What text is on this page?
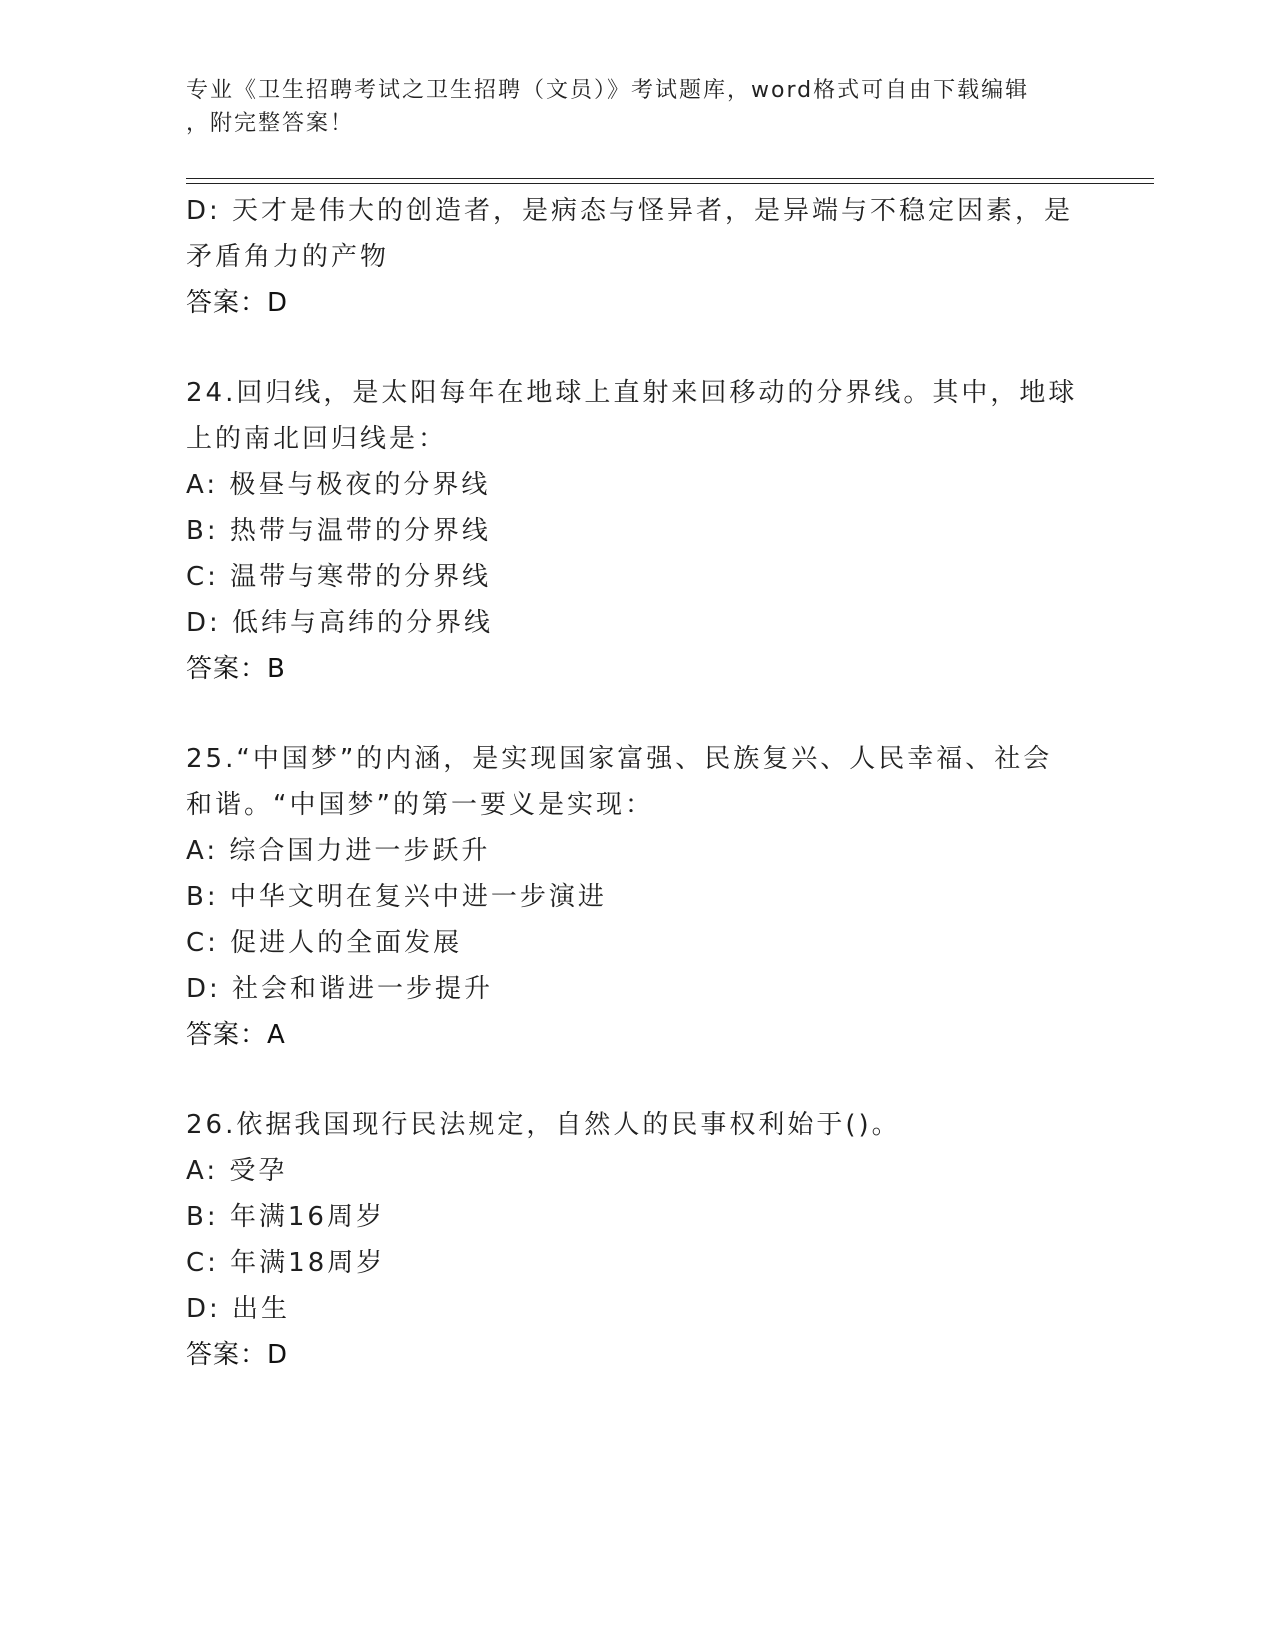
专业《卫生招聘考试之卫生招聘（文员）》考试题库，word格式可自由下载编辑
，附完整答案！
D: 天才是伟大的创造者，是病态与怪异者，是异端与不稳定因素，是
矛盾角力的产物
答案：D
24.回归线，是太阳每年在地球上直射来回移动的分界线。其中，地球
上的南北回归线是：
A: 极昼与极夜的分界线
B: 热带与温带的分界线
C: 温带与寒带的分界线
D: 低纬与高纬的分界线
答案：B
25.“中国梦”的内涵，是实现国家富强、民族复兴、人民幸福、社会
和谐。“中国梦”的第一要义是实现：
A: 综合国力进一步跃升
B: 中华文明在复兴中进一步演进
C: 促进人的全面发展
D: 社会和谐进一步提升
答案：A
26.依据我国现行民法规定，自然人的民事权利始于()。
A: 受孕
B: 年满16周岁
C: 年满18周岁
D: 出生
答案：D
